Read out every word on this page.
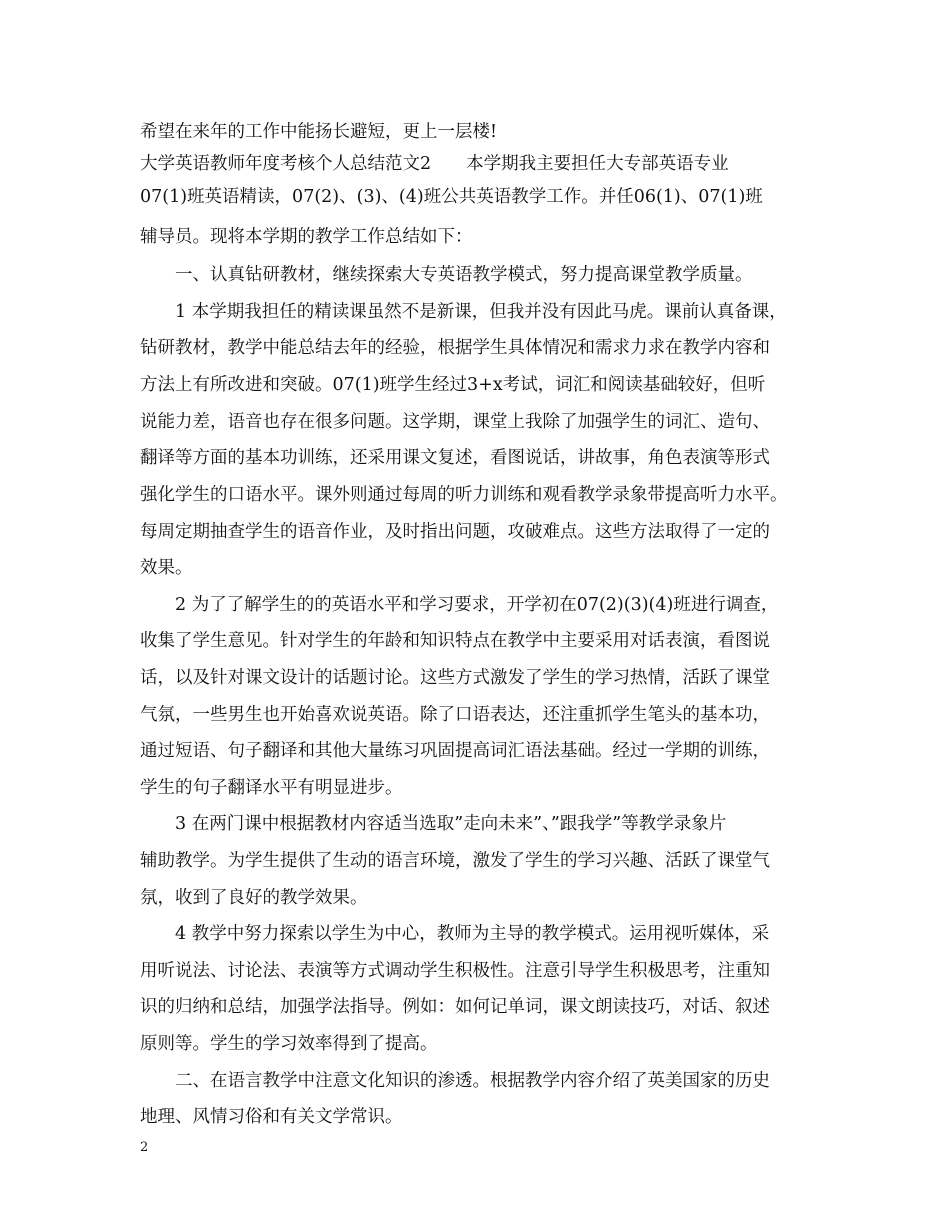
希望在来年的工作中能扬长避短，更上一层楼!
大学英语教师年度考核个人总结范文2　　本学期我主要担任大专部英语专业
07(1)班英语精读，07(2)、(3)、(4)班公共英语教学工作。并任06(1)、07(1)班
辅导员。现将本学期的教学工作总结如下：
　　一、认真钻研教材，继续探索大专英语教学模式，努力提高课堂教学质量。
　　1 本学期我担任的精读课虽然不是新课，但我并没有因此马虎。课前认真备课，
钻研教材，教学中能总结去年的经验，根据学生具体情况和需求力求在教学内容和
方法上有所改进和突破。07(1)班学生经过3+x考试，词汇和阅读基础较好，但听
说能力差，语音也存在很多问题。这学期，课堂上我除了加强学生的词汇、造句、
翻译等方面的基本功训练，还采用课文复述，看图说话，讲故事，角色表演等形式
强化学生的口语水平。课外则通过每周的听力训练和观看教学录象带提高听力水平。
每周定期抽查学生的语音作业，及时指出问题，攻破难点。这些方法取得了一定的
效果。
　　2 为了了解学生的的英语水平和学习要求，开学初在07(2)(3)(4)班进行调查，
收集了学生意见。针对学生的年龄和知识特点在教学中主要采用对话表演，看图说
话，以及针对课文设计的话题讨论。这些方式激发了学生的学习热情，活跃了课堂
气氛，一些男生也开始喜欢说英语。除了口语表达，还注重抓学生笔头的基本功，
通过短语、句子翻译和其他大量练习巩固提高词汇语法基础。经过一学期的训练，
学生的句子翻译水平有明显进步。
　　3 在两门课中根据教材内容适当选取”走向未来”、”跟我学”等教学录象片
辅助教学。为学生提供了生动的语言环境，激发了学生的学习兴趣、活跃了课堂气
氛，收到了良好的教学效果。
　　4 教学中努力探索以学生为中心，教师为主导的教学模式。运用视听媒体，采
用听说法、讨论法、表演等方式调动学生积极性。注意引导学生积极思考，注重知
识的归纳和总结，加强学法指导。例如：如何记单词，课文朗读技巧，对话、叙述
原则等。学生的学习效率得到了提高。
　　二、在语言教学中注意文化知识的渗透。根据教学内容介绍了英美国家的历史
地理、风情习俗和有关文学常识。
2
